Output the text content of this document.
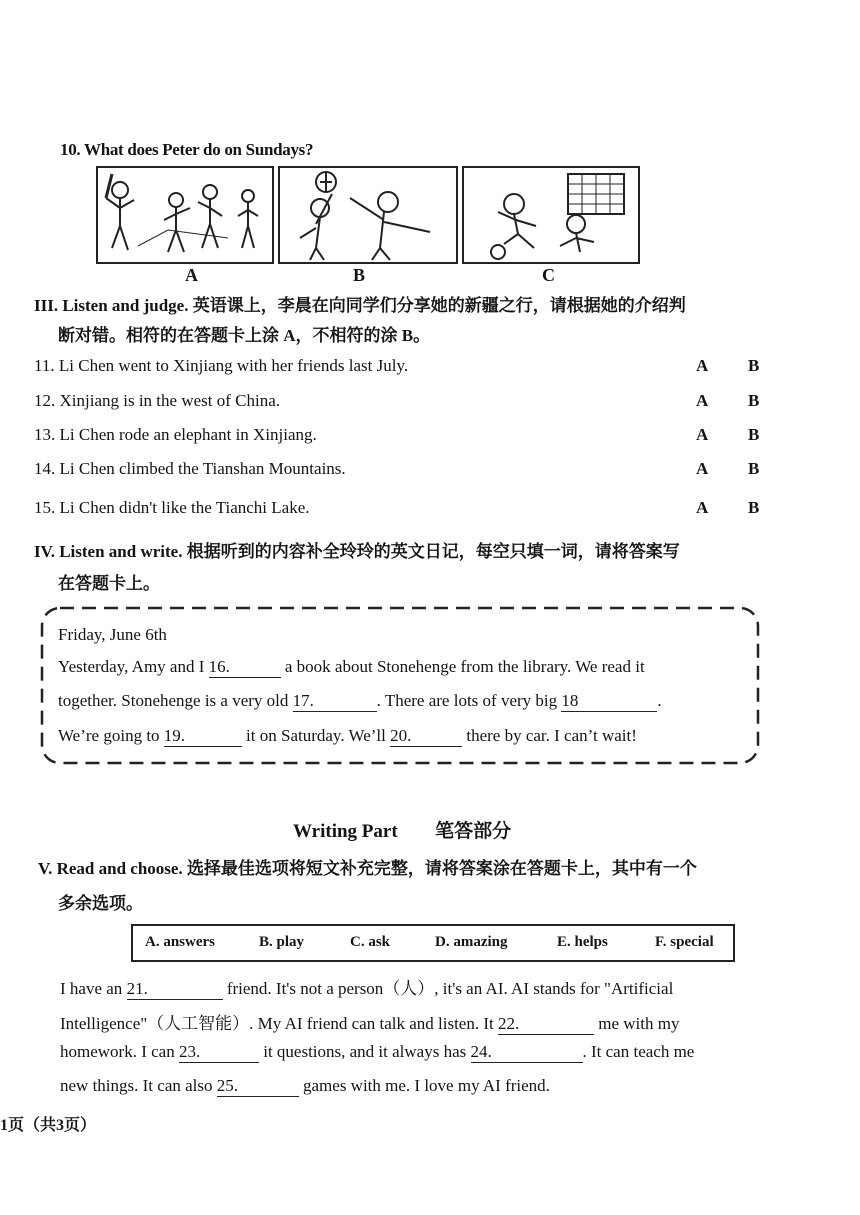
10. What does Peter do on Sundays?
A	B	C
III. Listen and judge. 英语课上，李晨在向同学们分享她的新疆之行，请根据她的介绍判
断对错。相符的在答题卡上涂 A，不相符的涂 B。
11. Li Chen went to Xinjiang with her friends last July.	A B
12. Xinjiang is in the west of China.	A B
13. Li Chen rode an elephant in Xinjiang.	A B
14. Li Chen climbed the Tianshan Mountains.	A B
15. Li Chen didn't like the Tianchi Lake.	A B
IV. Listen and write. 根据听到的内容补全玲玲的英文日记，每空只填一词，请将答案写
在答题卡上。
Friday, June 6th
Yesterday, Amy and I 16.	a book about Stonehenge from the library. We read it
together. Stonehenge is a very old 17.	. There are lots of very big 18	.
We’re going to 19.	it on Saturday. We’ll 20.	there by car. I can’t wait!
Writing Part 笔答部分
V. Read and choose. 选择最佳选项将短文补充完整，请将答案涂在答题卡上，其中有一个
多余选项。
A. answers	B. play	C. ask	D. amazing	E. helps	F. special
I have an 21.	friend. It's not a person（人）, it's an AI. AI stands for "Artificial
Intelligence"（人工智能）. My AI friend can talk and listen. It 22.	me with my
homework. I can 23.	it questions, and it always has 24.	. It can teach me
new things. It can also 25.	games with me. I love my AI friend.
1页（共3页）
